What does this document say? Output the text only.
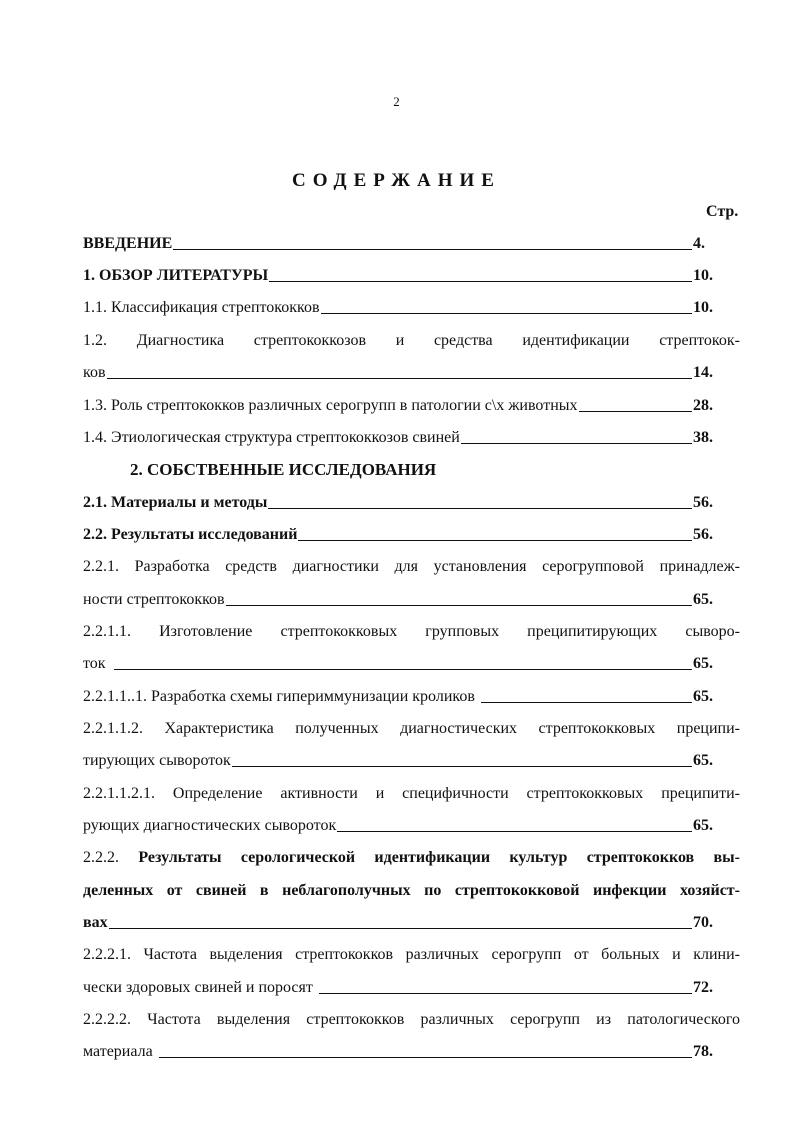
2
СОДЕРЖАНИЕ
Стр.
ВВЕДЕНИЕ	4.
1. ОБЗОР ЛИТЕРАТУРЫ	10.
1.1. Классификация стрептококков	10.
1.2. Диагностика стрептококкозов и средства идентификации стрептокок-
ков	14.
1.3. Роль стрептококков различных серогрупп в патологии с\х животных	28.
1.4. Этиологическая структура стрептококкозов свиней	38.
2. СОБСТВЕННЫЕ ИССЛЕДОВАНИЯ
2.1. Материалы и методы	56.
2.2. Результаты исследований	56.
2.2.1. Разработка средств диагностики для установления серогрупповой принадлеж-
ности стрептококков	65.
2.2.1.1. Изготовление стрептококковых групповых преципитирующих сыворо-
ток	65.
2.2.1.1..1. Разработка схемы гипериммунизации кроликов	65.
2.2.1.1.2. Характеристика полученных диагностических стрептококковых преципи-
тирующих сывороток	65.
2.2.1.1.2.1. Определение активности и специфичности стрептококковых преципити-
рующих диагностических сывороток	65.
2.2.2. Результаты серологической идентификации культур стрептококков вы-
деленных от свиней в неблагополучных по стрептококковой инфекции хозяйст-
вах	70.
2.2.2.1. Частота выделения стрептококков различных серогрупп от больных и клини-
чески здоровых свиней и поросят	72.
2.2.2.2. Частота выделения стрептококков различных серогрупп из патологического
материала	78.
